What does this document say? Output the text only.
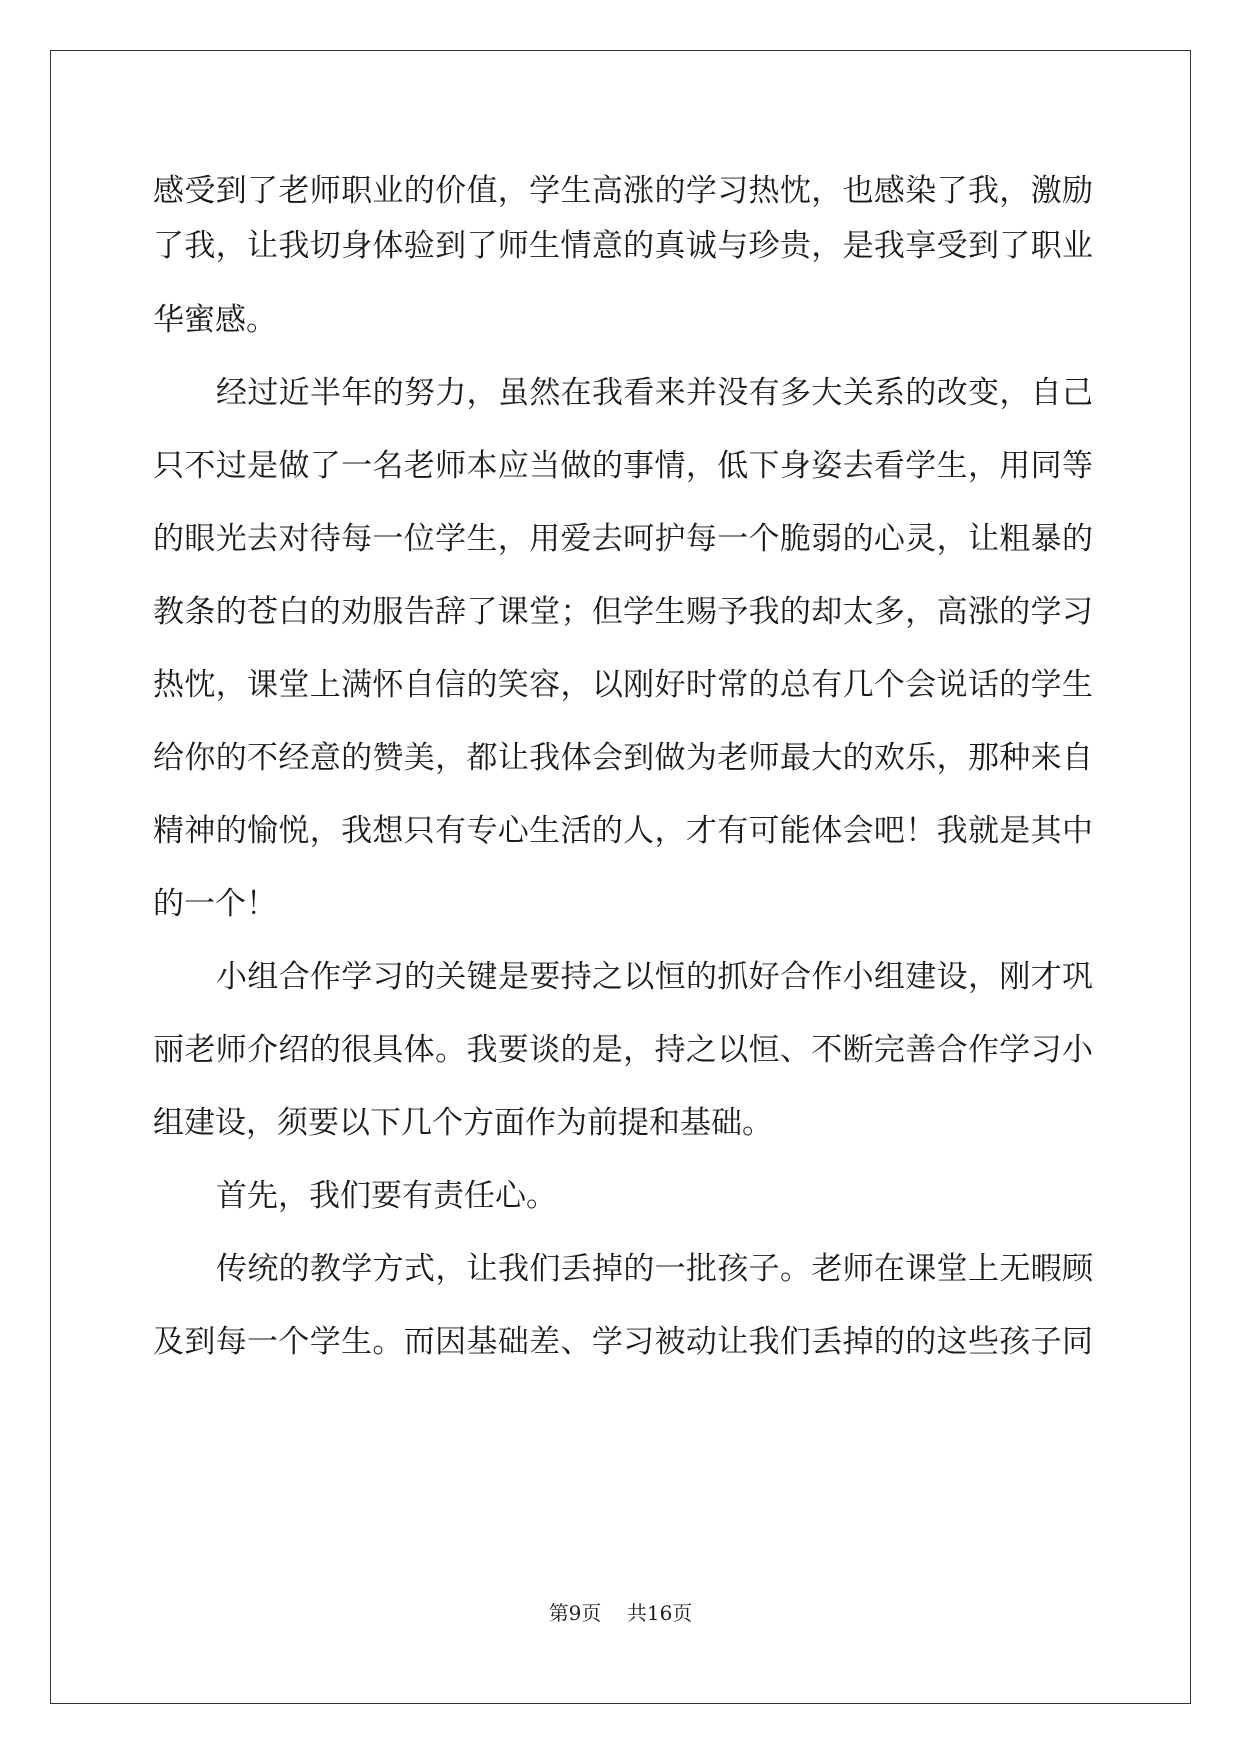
感受到了老师职业的价值，学生高涨的学习热忱，也感染了我，激励
了我，让我切身体验到了师生情意的真诚与珍贵，是我享受到了职业
华蜜感。
经过近半年的努力，虽然在我看来并没有多大关系的改变，自己
只不过是做了一名老师本应当做的事情，低下身姿去看学生，用同等
的眼光去对待每一位学生，用爱去呵护每一个脆弱的心灵，让粗暴的
教条的苍白的劝服告辞了课堂；但学生赐予我的却太多，高涨的学习
热忱，课堂上满怀自信的笑容，以刚好时常的总有几个会说话的学生
给你的不经意的赞美，都让我体会到做为老师最大的欢乐，那种来自
精神的愉悦，我想只有专心生活的人，才有可能体会吧！我就是其中
的一个！
小组合作学习的关键是要持之以恒的抓好合作小组建设，刚才巩
丽老师介绍的很具体。我要谈的是，持之以恒、不断完善合作学习小
组建设，须要以下几个方面作为前提和基础。
首先，我们要有责任心。
传统的教学方式，让我们丢掉的一批孩子。老师在课堂上无暇顾
及到每一个学生。而因基础差、学习被动让我们丢掉的的这些孩子同
第9页 共16页
